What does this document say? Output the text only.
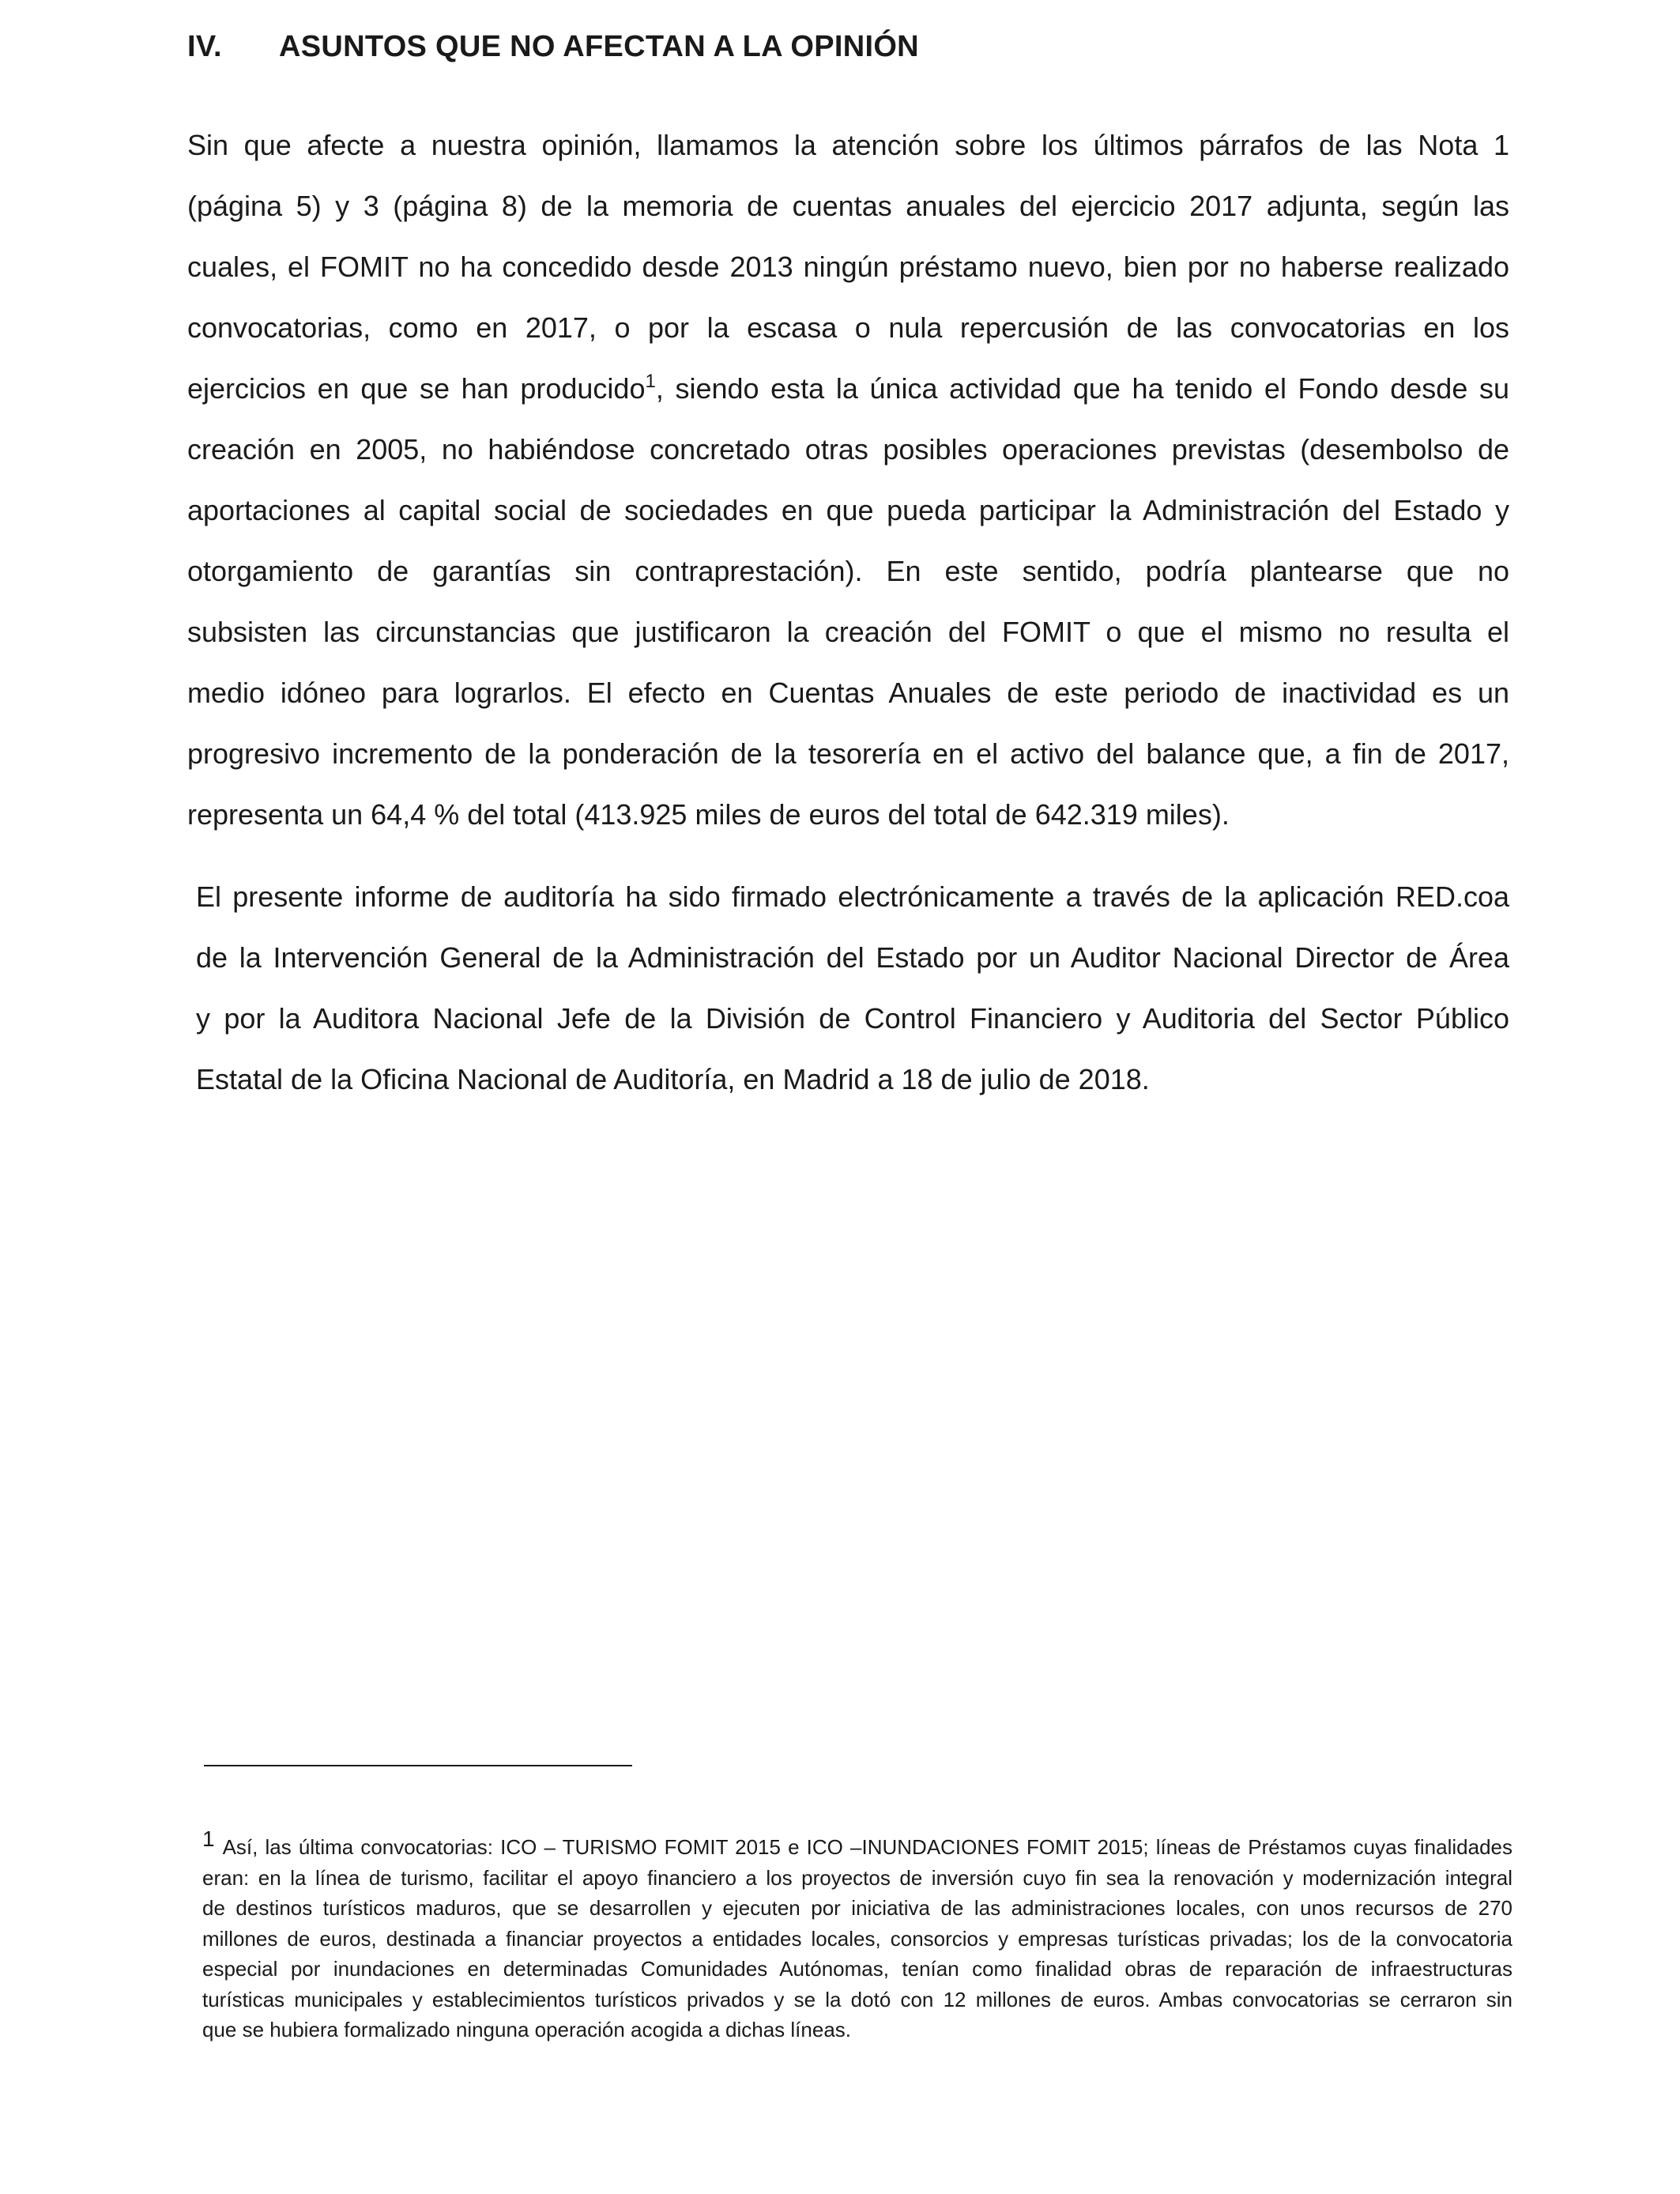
IV. ASUNTOS QUE NO AFECTAN A LA OPINIÓN
Sin que afecte a nuestra opinión, llamamos la atención sobre los últimos párrafos de las Nota 1
(página 5) y 3 (página 8) de la memoria de cuentas anuales del ejercicio 2017 adjunta, según las
cuales, el FOMIT no ha concedido desde 2013 ningún préstamo nuevo, bien por no haberse realizado
convocatorias, como en 2017, o por la escasa o nula repercusión de las convocatorias en los
ejercicios en que se han producido$^1$, siendo esta la única actividad que ha tenido el Fondo desde su
creación en 2005, no habiéndose concretado otras posibles operaciones previstas (desembolso de
aportaciones al capital social de sociedades en que pueda participar la Administración del Estado y
otorgamiento de garantías sin contraprestación). En este sentido, podría plantearse que no
subsisten las circunstancias que justificaron la creación del FOMIT o que el mismo no resulta el
medio idóneo para lograrlos. El efecto en Cuentas Anuales de este periodo de inactividad es un
progresivo incremento de la ponderación de la tesorería en el activo del balance que, a fin de 2017,
representa un 64,4 % del total (413.925 miles de euros del total de 642.319 miles).
El presente informe de auditoría ha sido firmado electrónicamente a través de la aplicación RED.coa
de la Intervención General de la Administración del Estado por un Auditor Nacional Director de Área
y por la Auditora Nacional Jefe de la División de Control Financiero y Auditoria del Sector Público
Estatal de la Oficina Nacional de Auditoría, en Madrid a 18 de julio de 2018.
1 Así, las última convocatorias: ICO – TURISMO FOMIT 2015 e ICO –INUNDACIONES FOMIT 2015; líneas de Préstamos cuyas finalidades
eran: en la línea de turismo, facilitar el apoyo financiero a los proyectos de inversión cuyo fin sea la renovación y modernización integral
de destinos turísticos maduros, que se desarrollen y ejecuten por iniciativa de las administraciones locales, con unos recursos de 270
millones de euros, destinada a financiar proyectos a entidades locales, consorcios y empresas turísticas privadas; los de la convocatoria
especial por inundaciones en determinadas Comunidades Autónomas, tenían como finalidad obras de reparación de infraestructuras
turísticas municipales y establecimientos turísticos privados y se la dotó con 12 millones de euros. Ambas convocatorias se cerraron sin
que se hubiera formalizado ninguna operación acogida a dichas líneas.
